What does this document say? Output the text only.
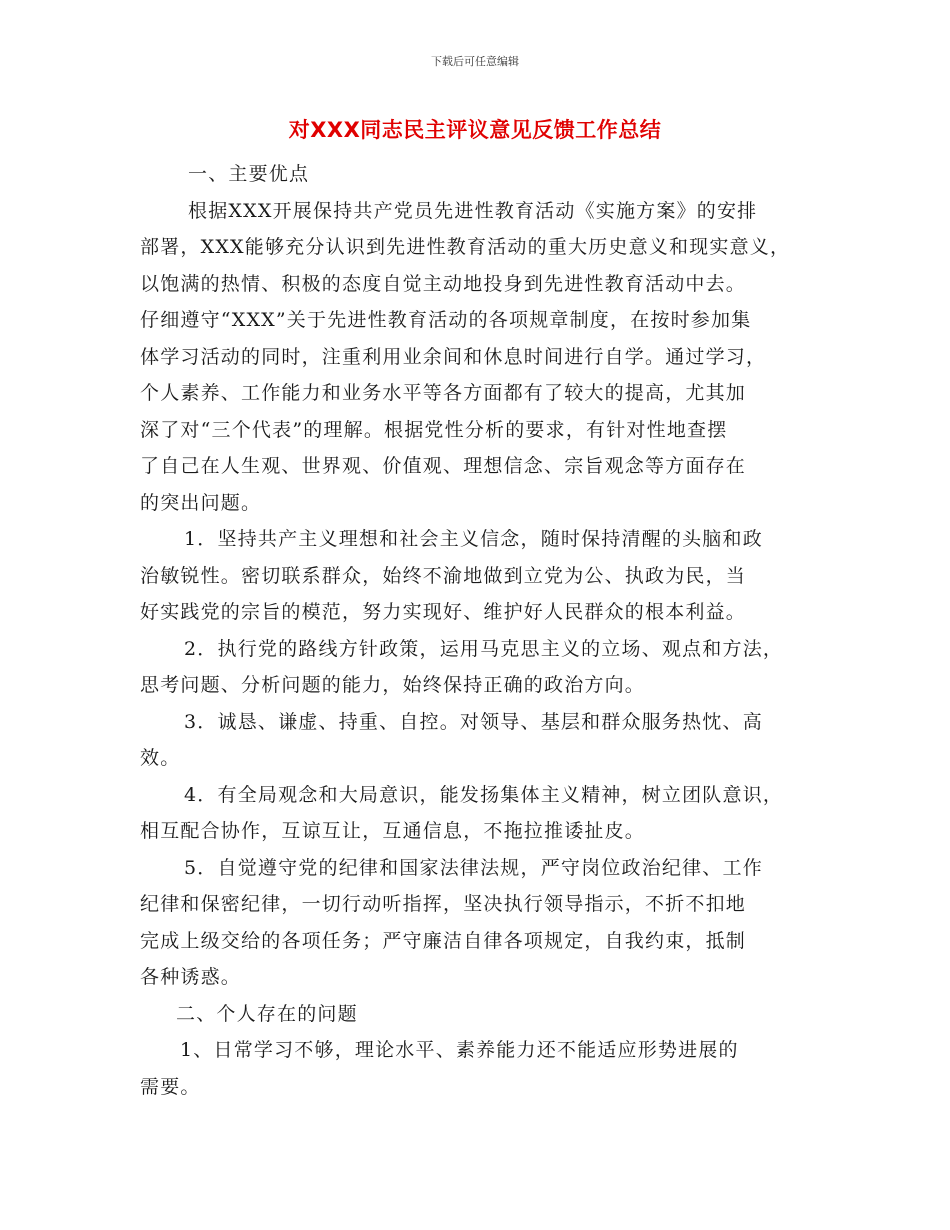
下载后可任意编辑
对XXX同志民主评议意见反馈工作总结
一、主要优点
根据XXX开展保持共产党员先进性教育活动《实施方案》的安排
部署，XXX能够充分认识到先进性教育活动的重大历史意义和现实意义，
以饱满的热情、积极的态度自觉主动地投身到先进性教育活动中去。
仔细遵守“XXX”关于先进性教育活动的各项规章制度，在按时参加集
体学习活动的同时，注重利用业余间和休息时间进行自学。通过学习，
个人素养、工作能力和业务水平等各方面都有了较大的提高，尤其加
深了对“三个代表”的理解。根据党性分析的要求，有针对性地查摆
了自己在人生观、世界观、价值观、理想信念、宗旨观念等方面存在
的突出问题。
1．坚持共产主义理想和社会主义信念，随时保持清醒的头脑和政
治敏锐性。密切联系群众，始终不渝地做到立党为公、执政为民，当
好实践党的宗旨的模范，努力实现好、维护好人民群众的根本利益。
2．执行党的路线方针政策，运用马克思主义的立场、观点和方法，
思考问题、分析问题的能力，始终保持正确的政治方向。
3．诚恳、谦虚、持重、自控。对领导、基层和群众服务热忱、高
效。
4．有全局观念和大局意识，能发扬集体主义精神，树立团队意识，
相互配合协作，互谅互让，互通信息，不拖拉推诿扯皮。
5．自觉遵守党的纪律和国家法律法规，严守岗位政治纪律、工作
纪律和保密纪律，一切行动听指挥，坚决执行领导指示，不折不扣地
完成上级交给的各项任务；严守廉洁自律各项规定，自我约束，抵制
各种诱惑。
二、个人存在的问题
1、日常学习不够，理论水平、素养能力还不能适应形势进展的
需要。
